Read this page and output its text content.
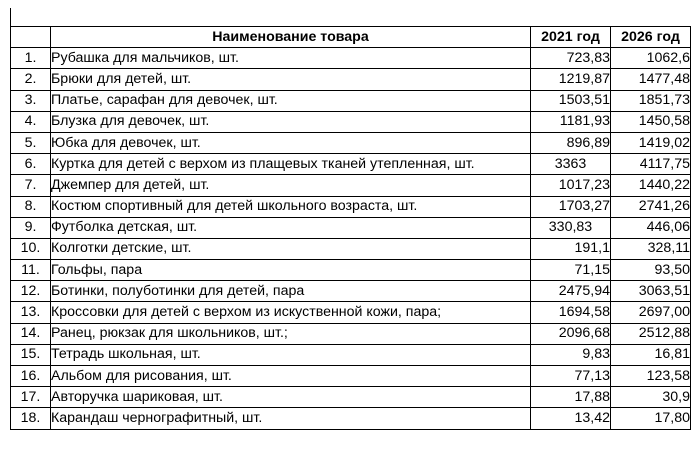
	Наименование товара	2021 год	2026 год
1.	Рубашка для мальчиков, шт.	723,83	1062,6
2.	Брюки для детей, шт.	1219,87	1477,48
3.	Платье, сарафан для девочек, шт.	1503,51	1851,73
4.	Блузка для девочек, шт.	1181,93	1450,58
5.	Юбка для девочек, шт.	896,89	1419,02
6.	Куртка для детей с верхом из плащевых тканей утепленная, шт.	3363	4117,75
7.	Джемпер для детей, шт.	1017,23	1440,22
8.	Костюм спортивный для детей школьного возраста, шт.	1703,27	2741,26
9.	Футболка детская, шт.	330,83	446,06
10.	Колготки детские, шт.	191,1	328,11
11.	Гольфы, пара	71,15	93,50
12.	Ботинки, полуботинки для детей, пара	2475,94	3063,51
13.	Кроссовки для детей с верхом из искуственной кожи, пара;	1694,58	2697,00
14.	Ранец, рюкзак для школьников, шт.;	2096,68	2512,88
15.	Тетрадь школьная, шт.	9,83	16,81
16.	Альбом для рисования, шт.	77,13	123,58
17.	Авторучка шариковая, шт.	17,88	30,9
18.	Карандаш чернографитный, шт.	13,42	17,80
